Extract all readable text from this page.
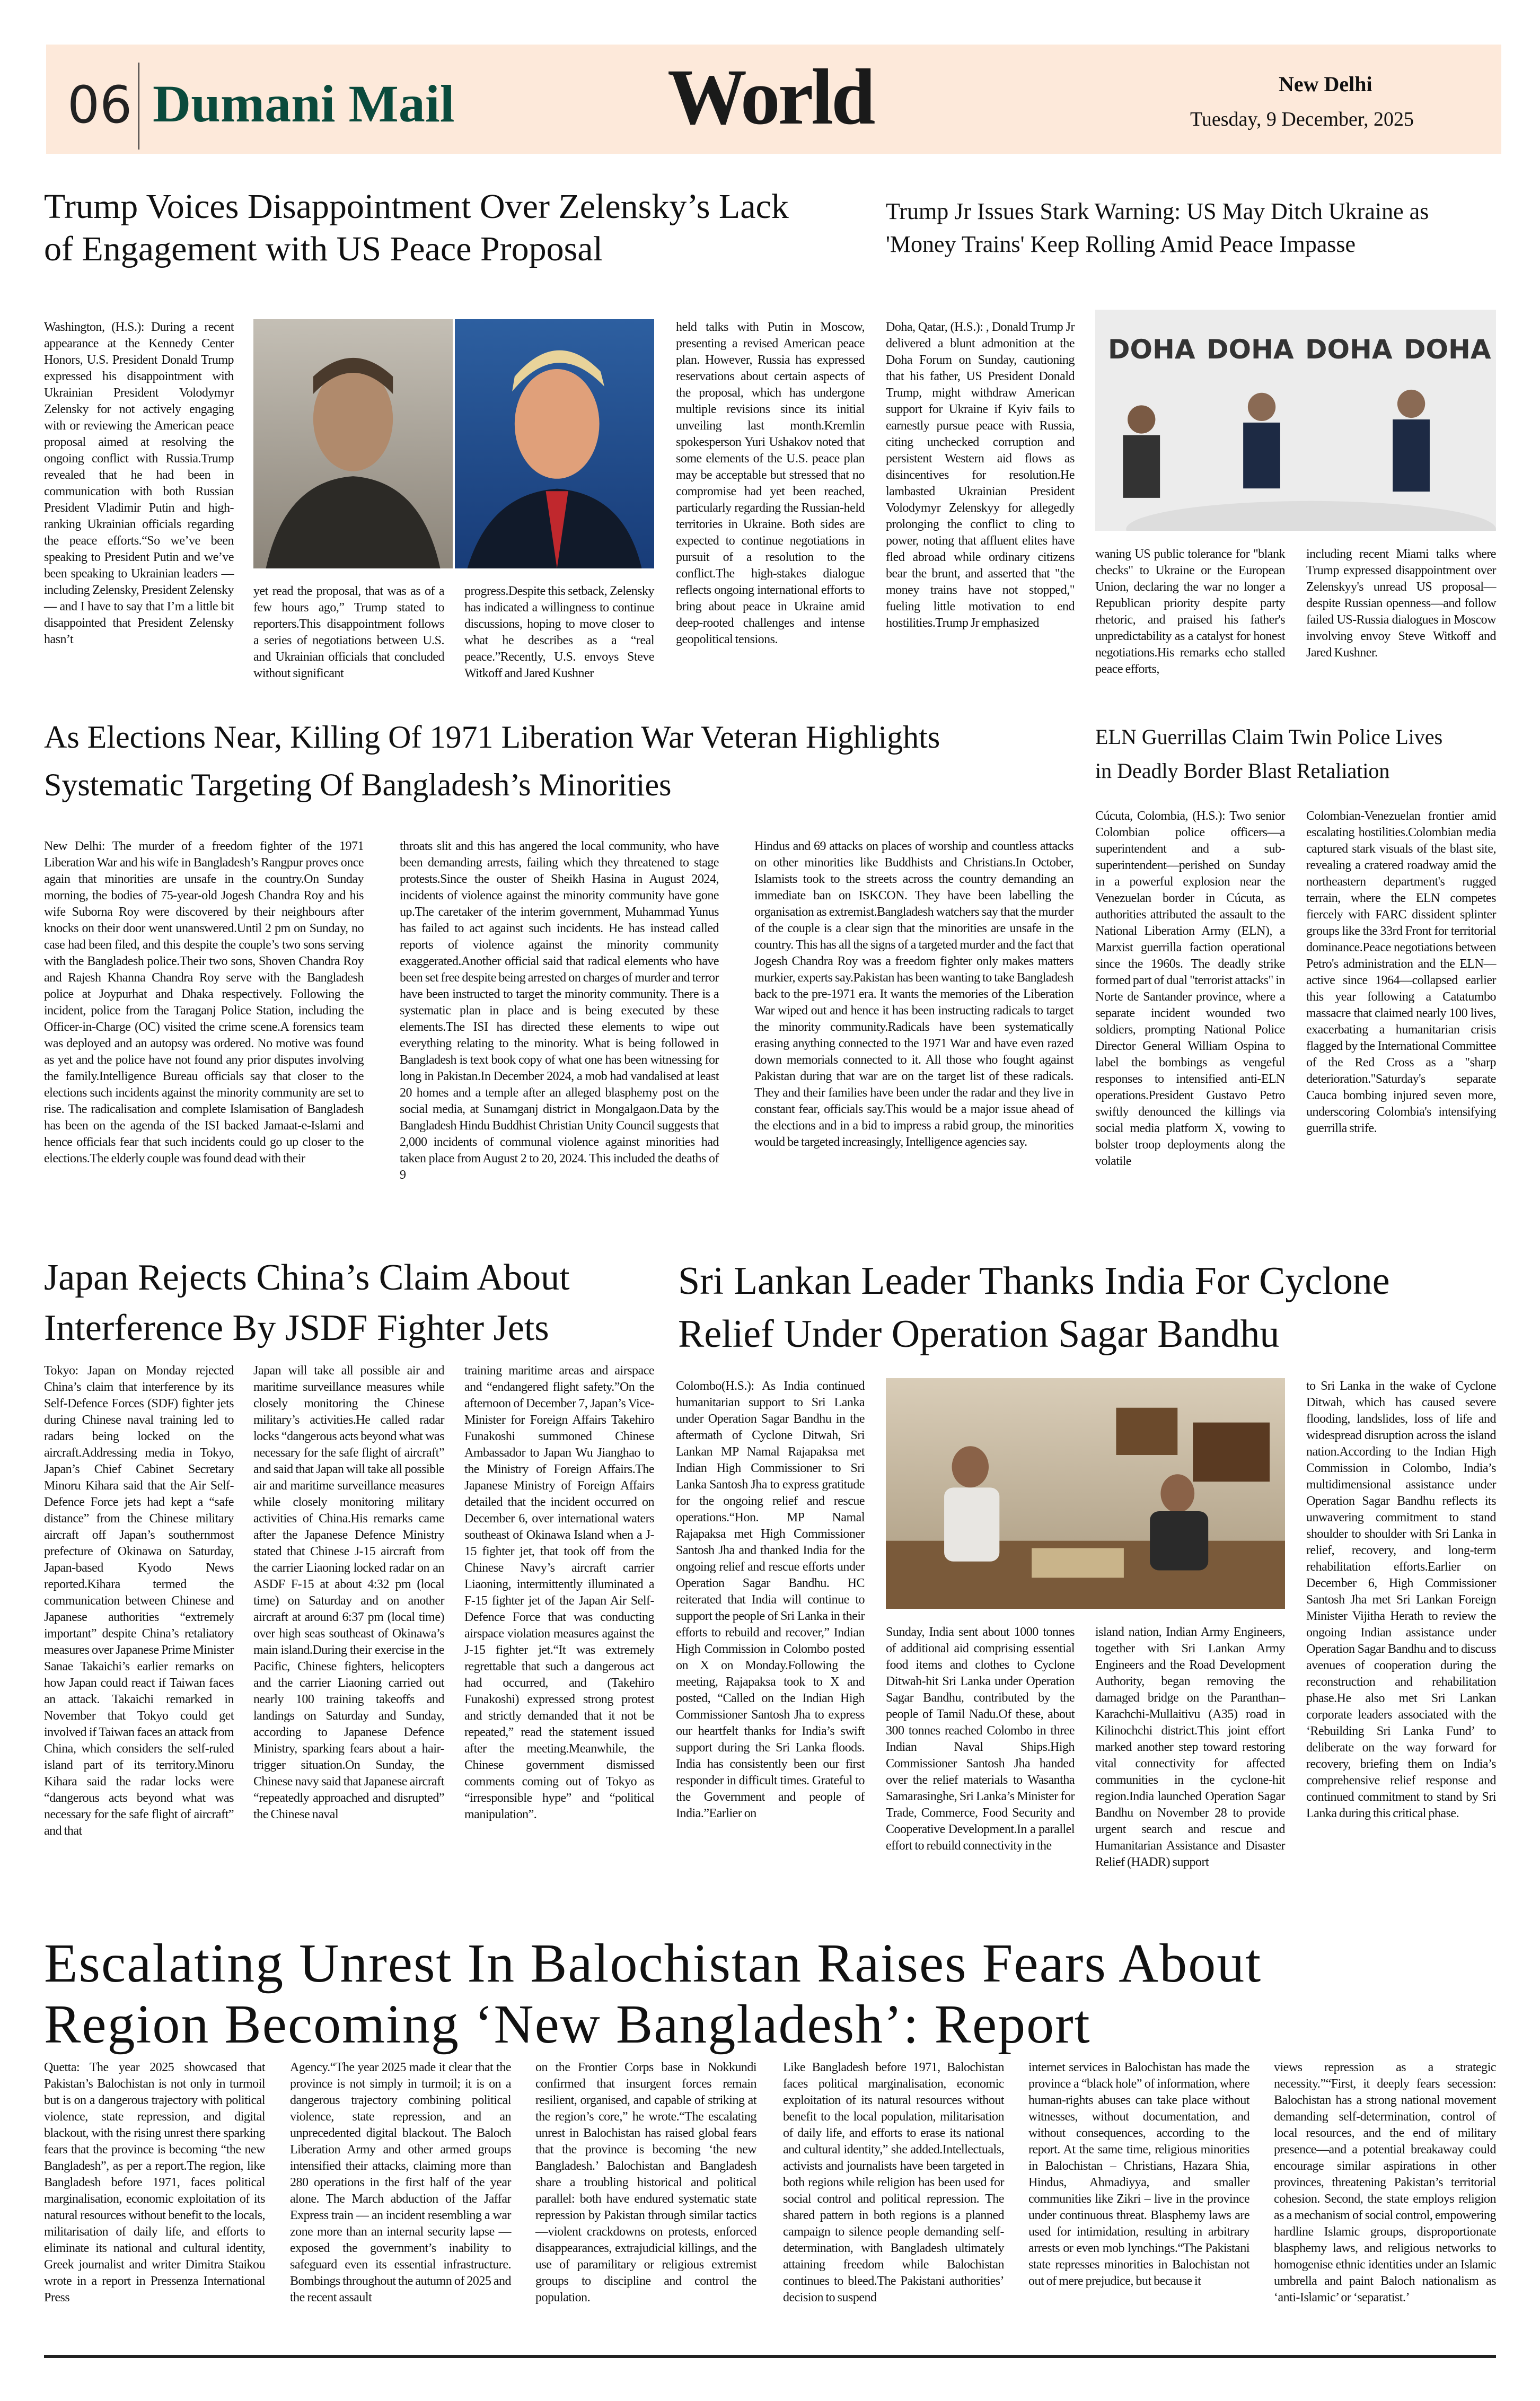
06 Dumani Mail	World	New Delhi
Tuesday, 9 December, 2025
Trump Voices Disappointment Over Zelensky’s Lack
of Engagement with US Peace Proposal
Washington, (H.S.): During a recent appearance at the Kennedy Center Honors, U.S. President Donald Trump expressed his disappointment with Ukrainian President Volodymyr Zelensky for not actively engaging with or reviewing the American peace proposal aimed at resolving the ongoing conflict with Russia.Trump revealed that he had been in communication with both Russian President Vladimir Putin and high-ranking Ukrainian officials regarding the peace efforts.“So we’ve been speaking to President Putin and we’ve been speaking to Ukrainian leaders — including Zelensky, President Zelensky — and I have to say that I’m a little bit disappointed that President Zelensky hasn’t
yet read the proposal, that was as of a few hours ago,” Trump stated to reporters.This disappointment follows a series of negotiations between U.S. and Ukrainian officials that concluded without significant
progress.Despite this setback, Zelensky has indicated a willingness to continue discussions, hoping to move closer to what he describes as a “real peace.”Recently, U.S. envoys Steve Witkoff and Jared Kushner
held talks with Putin in Moscow, presenting a revised American peace plan. However, Russia has expressed reservations about certain aspects of the proposal, which has undergone multiple revisions since its initial unveiling last month.Kremlin spokesperson Yuri Ushakov noted that some elements of the U.S. peace plan may be acceptable but stressed that no compromise had yet been reached, particularly regarding the Russian-held territories in Ukraine. Both sides are expected to continue negotiations in pursuit of a resolution to the conflict.The high-stakes dialogue reflects ongoing international efforts to bring about peace in Ukraine amid deep-rooted challenges and intense geopolitical tensions.
Trump Jr Issues Stark Warning: US May Ditch Ukraine as
'Money Trains' Keep Rolling Amid Peace Impasse
Doha, Qatar, (H.S.): , Donald Trump Jr delivered a blunt admonition at the Doha Forum on Sunday, cautioning that his father, US President Donald Trump, might withdraw American support for Ukraine if Kyiv fails to earnestly pursue peace with Russia, citing unchecked corruption and persistent Western aid flows as disincentives for resolution.He lambasted Ukrainian President Volodymyr Zelenskyy for allegedly prolonging the conflict to cling to power, noting that affluent elites have fled abroad while ordinary citizens bear the brunt, and asserted that "the money trains have not stopped," fueling little motivation to end hostilities.Trump Jr emphasized
DOHA DOHA DOHA DOHA
waning US public tolerance for "blank checks" to Ukraine or the European Union, declaring the war no longer a Republican priority despite party rhetoric, and praised his father's unpredictability as a catalyst for honest negotiations.His remarks echo stalled peace efforts,
including recent Miami talks where Trump expressed disappointment over Zelenskyy's unread US proposal—despite Russian openness—and follow failed US-Russia dialogues in Moscow involving envoy Steve Witkoff and Jared Kushner.
As Elections Near, Killing Of 1971 Liberation War Veteran Highlights
Systematic Targeting Of Bangladesh’s Minorities
New Delhi: The murder of a freedom fighter of the 1971 Liberation War and his wife in Bangladesh’s Rangpur proves once again that minorities are unsafe in the country.On Sunday morning, the bodies of 75-year-old Jogesh Chandra Roy and his wife Suborna Roy were discovered by their neighbours after knocks on their door went unanswered.Until 2 pm on Sunday, no case had been filed, and this despite the couple’s two sons serving with the Bangladesh police.Their two sons, Shoven Chandra Roy and Rajesh Khanna Chandra Roy serve with the Bangladesh police at Joypurhat and Dhaka respectively. Following the incident, police from the Taraganj Police Station, including the Officer-in-Charge (OC) visited the crime scene.A forensics team was deployed and an autopsy was ordered. No motive was found as yet and the police have not found any prior disputes involving the family.Intelligence Bureau officials say that closer to the elections such incidents against the minority community are set to rise. The radicalisation and complete Islamisation of Bangladesh has been on the agenda of the ISI backed Jamaat-e-Islami and hence officials fear that such incidents could go up closer to the elections.The elderly couple was found dead with their
throats slit and this has angered the local community, who have been demanding arrests, failing which they threatened to stage protests.Since the ouster of Sheikh Hasina in August 2024, incidents of violence against the minority community have gone up.The caretaker of the interim government, Muhammad Yunus has failed to act against such incidents. He has instead called reports of violence against the minority community exaggerated.Another official said that radical elements who have been set free despite being arrested on charges of murder and terror have been instructed to target the minority community. There is a systematic plan in place and is being executed by these elements.The ISI has directed these elements to wipe out everything relating to the minority. What is being followed in Bangladesh is text book copy of what one has been witnessing for long in Pakistan.In December 2024, a mob had vandalised at least 20 homes and a temple after an alleged blasphemy post on the social media, at Sunamganj district in Mongalgaon.Data by the Bangladesh Hindu Buddhist Christian Unity Council suggests that 2,000 incidents of communal violence against minorities had taken place from August 2 to 20, 2024. This included the deaths of 9
Hindus and 69 attacks on places of worship and countless attacks on other minorities like Buddhists and Christians.In October, Islamists took to the streets across the country demanding an immediate ban on ISKCON. They have been labelling the organisation as extremist.Bangladesh watchers say that the murder of the couple is a clear sign that the minorities are unsafe in the country. This has all the signs of a targeted murder and the fact that Jogesh Chandra Roy was a freedom fighter only makes matters murkier, experts say.Pakistan has been wanting to take Bangladesh back to the pre-1971 era. It wants the memories of the Liberation War wiped out and hence it has been instructing radicals to target the minority community.Radicals have been systematically erasing anything connected to the 1971 War and have even razed down memorials connected to it. All those who fought against Pakistan during that war are on the target list of these radicals. They and their families have been under the radar and they live in constant fear, officials say.This would be a major issue ahead of the elections and in a bid to impress a rabid group, the minorities would be targeted increasingly, Intelligence agencies say.
ELN Guerrillas Claim Twin Police Lives
in Deadly Border Blast Retaliation
Cúcuta, Colombia, (H.S.): Two senior Colombian police officers—a superintendent and a sub-superintendent—perished on Sunday in a powerful explosion near the Venezuelan border in Cúcuta, as authorities attributed the assault to the National Liberation Army (ELN), a Marxist guerrilla faction operational since the 1960s. The deadly strike formed part of dual "terrorist attacks" in Norte de Santander province, where a separate incident wounded two soldiers, prompting National Police Director General William Ospina to label the bombings as vengeful responses to intensified anti-ELN operations.President Gustavo Petro swiftly denounced the killings via social media platform X, vowing to bolster troop deployments along the volatile
Colombian-Venezuelan frontier amid escalating hostilities.Colombian media captured stark visuals of the blast site, revealing a cratered roadway amid the northeastern department's rugged terrain, where the ELN competes fiercely with FARC dissident splinter groups like the 33rd Front for territorial dominance.Peace negotiations between Petro's administration and the ELN—active since 1964—collapsed earlier this year following a Catatumbo massacre that claimed nearly 100 lives, exacerbating a humanitarian crisis flagged by the International Committee of the Red Cross as a "sharp deterioration."Saturday's separate Cauca bombing injured seven more, underscoring Colombia's intensifying guerrilla strife.
Japan Rejects China’s Claim About
Interference By JSDF Fighter Jets
Tokyo: Japan on Monday rejected China’s claim that interference by its Self-Defence Forces (SDF) fighter jets during Chinese naval training led to radars being locked on the aircraft.Addressing media in Tokyo, Japan’s Chief Cabinet Secretary Minoru Kihara said that the Air Self-Defence Force jets had kept a “safe distance” from the Chinese military aircraft off Japan’s southernmost prefecture of Okinawa on Saturday, Japan-based Kyodo News reported.Kihara termed the communication between Chinese and Japanese authorities “extremely important” despite China’s retaliatory measures over Japanese Prime Minister Sanae Takaichi’s earlier remarks on how Japan could react if Taiwan faces an attack. Takaichi remarked in November that Tokyo could get involved if Taiwan faces an attack from China, which considers the self-ruled island part of its territory.Minoru Kihara said the radar locks were “dangerous acts beyond what was necessary for the safe flight of aircraft” and that
Japan will take all possible air and maritime surveillance measures while closely monitoring the Chinese military’s activities.He called radar locks “dangerous acts beyond what was necessary for the safe flight of aircraft” and said that Japan will take all possible air and maritime surveillance measures while closely monitoring military activities of China.His remarks came after the Japanese Defence Ministry stated that Chinese J-15 aircraft from the carrier Liaoning locked radar on an ASDF F-15 at about 4:32 pm (local time) on Saturday and on another aircraft at around 6:37 pm (local time) over high seas southeast of Okinawa’s main island.During their exercise in the Pacific, Chinese fighters, helicopters and the carrier Liaoning carried out nearly 100 training takeoffs and landings on Saturday and Sunday, according to Japanese Defence Ministry, sparking fears about a hair-trigger situation.On Sunday, the Chinese navy said that Japanese aircraft “repeatedly approached and disrupted” the Chinese naval
training maritime areas and airspace and “endangered flight safety.”On the afternoon of December 7, Japan’s Vice-Minister for Foreign Affairs Takehiro Funakoshi summoned Chinese Ambassador to Japan Wu Jianghao to the Ministry of Foreign Affairs.The Japanese Ministry of Foreign Affairs detailed that the incident occurred on December 6, over international waters southeast of Okinawa Island when a J-15 fighter jet, that took off from the Chinese Navy’s aircraft carrier Liaoning, intermittently illuminated a F-15 fighter jet of the Japan Air Self-Defence Force that was conducting airspace violation measures against the J-15 fighter jet.“It was extremely regrettable that such a dangerous act had occurred, and (Takehiro Funakoshi) expressed strong protest and strictly demanded that it not be repeated,” read the statement issued after the meeting.Meanwhile, the Chinese government dismissed comments coming out of Tokyo as “irresponsible hype” and “political manipulation”.
Sri Lankan Leader Thanks India For Cyclone
Relief Under Operation Sagar Bandhu
Colombo(H.S.): As India continued humanitarian support to Sri Lanka under Operation Sagar Bandhu in the aftermath of Cyclone Ditwah, Sri Lankan MP Namal Rajapaksa met Indian High Commissioner to Sri Lanka Santosh Jha to express gratitude for the ongoing relief and rescue operations.“Hon. MP Namal Rajapaksa met High Commissioner Santosh Jha and thanked India for the ongoing relief and rescue efforts under Operation Sagar Bandhu. HC reiterated that India will continue to support the people of Sri Lanka in their efforts to rebuild and recover,” Indian High Commission in Colombo posted on X on Monday.Following the meeting, Rajapaksa took to X and posted, “Called on the Indian High Commissioner Santosh Jha to express our heartfelt thanks for India’s swift support during the Sri Lanka floods. India has consistently been our first responder in difficult times. Grateful to the Government and people of India.”Earlier on
Sunday, India sent about 1000 tonnes of additional aid comprising essential food items and clothes to Cyclone Ditwah-hit Sri Lanka under Operation Sagar Bandhu, contributed by the people of Tamil Nadu.Of these, about 300 tonnes reached Colombo in three Indian Naval Ships.High Commissioner Santosh Jha handed over the relief materials to Wasantha Samarasinghe, Sri Lanka’s Minister for Trade, Commerce, Food Security and Cooperative Development.In a parallel effort to rebuild connectivity in the
island nation, Indian Army Engineers, together with Sri Lankan Army Engineers and the Road Development Authority, began removing the damaged bridge on the Paranthan–Karachchi-Mullaitivu (A35) road in Kilinochchi district.This joint effort marked another step toward restoring vital connectivity for affected communities in the cyclone-hit region.India launched Operation Sagar Bandhu on November 28 to provide urgent search and rescue and Humanitarian Assistance and Disaster Relief (HADR) support
to Sri Lanka in the wake of Cyclone Ditwah, which has caused severe flooding, landslides, loss of life and widespread disruption across the island nation.According to the Indian High Commission in Colombo, India’s multidimensional assistance under Operation Sagar Bandhu reflects its unwavering commitment to stand shoulder to shoulder with Sri Lanka in relief, recovery, and long-term rehabilitation efforts.Earlier on December 6, High Commissioner Santosh Jha met Sri Lankan Foreign Minister Vijitha Herath to review the ongoing Indian assistance under Operation Sagar Bandhu and to discuss avenues of cooperation during the reconstruction and rehabilitation phase.He also met Sri Lankan corporate leaders associated with the ‘Rebuilding Sri Lanka Fund’ to deliberate on the way forward for recovery, briefing them on India’s comprehensive relief response and continued commitment to stand by Sri Lanka during this critical phase.
Escalating Unrest In Balochistan Raises Fears About
Region Becoming ‘New Bangladesh’: Report
Quetta: The year 2025 showcased that Pakistan’s Balochistan is not only in turmoil but is on a dangerous trajectory with political violence, state repression, and digital blackout, with the rising unrest there sparking fears that the province is becoming “the new Bangladesh”, as per a report.The region, like Bangladesh before 1971, faces political marginalisation, economic exploitation of its natural resources without benefit to the locals, militarisation of daily life, and efforts to eliminate its national and cultural identity, Greek journalist and writer Dimitra Staikou wrote in a report in Pressenza International Press
Agency.“The year 2025 made it clear that the province is not simply in turmoil; it is on a dangerous trajectory combining political violence, state repression, and an unprecedented digital blackout. The Baloch Liberation Army and other armed groups intensified their attacks, claiming more than 280 operations in the first half of the year alone. The March abduction of the Jaffar Express train — an incident resembling a war zone more than an internal security lapse — exposed the government’s inability to safeguard even its essential infrastructure. Bombings throughout the autumn of 2025 and the recent assault
on the Frontier Corps base in Nokkundi confirmed that insurgent forces remain resilient, organised, and capable of striking at the region’s core,” he wrote.“The escalating unrest in Balochistan has raised global fears that the province is becoming ‘the new Bangladesh.’ Balochistan and Bangladesh share a troubling historical and political parallel: both have endured systematic state repression by Pakistan through similar tactics—violent crackdowns on protests, enforced disappearances, extrajudicial killings, and the use of paramilitary or religious extremist groups to discipline and control the population.
Like Bangladesh before 1971, Balochistan faces political marginalisation, economic exploitation of its natural resources without benefit to the local population, militarisation of daily life, and efforts to erase its national and cultural identity,” she added.Intellectuals, activists and journalists have been targeted in both regions while religion has been used for social control and political repression. The shared pattern in both regions is a planned campaign to silence people demanding self-determination, with Bangladesh ultimately attaining freedom while Balochistan continues to bleed.The Pakistani authorities’ decision to suspend
internet services in Balochistan has made the province a “black hole” of information, where human-rights abuses can take place without witnesses, without documentation, and without consequences, according to the report. At the same time, religious minorities in Balochistan – Christians, Hazara Shia, Hindus, Ahmadiyya, and smaller communities like Zikri – live in the province under continuous threat. Blasphemy laws are used for intimidation, resulting in arbitrary arrests or even mob lynchings.“The Pakistani state represses minorities in Balochistan not out of mere prejudice, but because it
views repression as a strategic necessity.”“First, it deeply fears secession: Balochistan has a strong national movement demanding self-determination, control of local resources, and the end of military presence—and a potential breakaway could encourage similar aspirations in other provinces, threatening Pakistan’s territorial cohesion. Second, the state employs religion as a mechanism of social control, empowering hardline Islamic groups, disproportionate blasphemy laws, and religious networks to homogenise ethnic identities under an Islamic umbrella and paint Baloch nationalism as ‘anti-Islamic’ or ‘separatist.’
